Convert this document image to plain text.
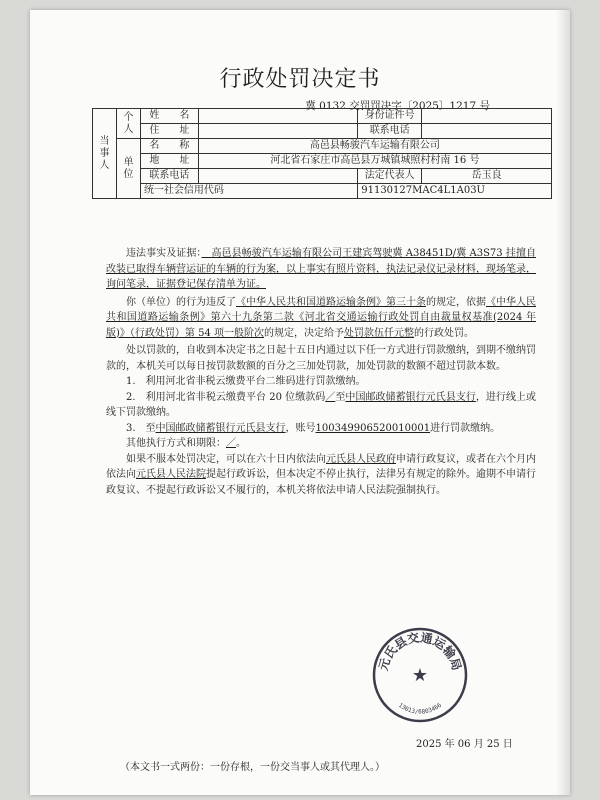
行政处罚决定书
冀 0132 交罚罚决字〔2025〕1217 号
当事人	个人	姓　　名		身份证件号	
		住　　址		联系电话	
	单位	名　　称	高邑县畅骏汽车运输有限公司		
		地　　址	河北省石家庄市高邑县万城镇城照村村南 16 号		
		联系电话		法定代表人	岳玉良
		统一社会信用代码		91130127MAC4L1A03U	

违法事实及证据：　高邑县畅骏汽车运输有限公司王建宾驾驶冀 A38451D/冀 A3S73 挂擅自改装已取得车辆营运证的车辆的行为案，以上事实有照片资料，执法记录仪记录材料，现场笔录，询问笔录，证据登记保存清单为证。

你（单位）的行为违反了《中华人民共和国道路运输条例》第三十条的规定，依据《中华人民共和国道路运输条例》第六十九条第二款《河北省交通运输行政处罚自由裁量权基准(2024 年版)》（行政处罚）第 54 项一般阶次的规定，决定给予处罚款伍仟元整的行政处罚。

处以罚款的，自收到本决定书之日起十五日内通过以下任一方式进行罚款缴纳，到期不缴纳罚款的，本机关可以每日按罚款数额的百分之三加处罚款，加处罚款的数额不超过罚款本数。

1.　利用河北省非税云缴费平台二维码进行罚款缴纳。

2.　利用河北省非税云缴费平台 20 位缴款码／至中国邮政储蓄银行元氏县支行，进行线上或线下罚款缴纳。

3.　至中国邮政储蓄银行元氏县支行，账号100349906520010001进行罚款缴纳。

其他执行方式和期限：／。

如果不服本处罚决定，可以在六十日内依法向元氏县人民政府申请行政复议，或者在六个月内依法向元氏县人民法院提起行政诉讼，但本决定不停止执行，法律另有规定的除外。逾期不申请行政复议、不提起行政诉讼又不履行的，本机关将依法申请人民法院强制执行。

元氏县交通运输局
★
13013/6803466
2025 年 06 月 25 日
（本文书一式两份：一份存根，一份交当事人或其代理人。）
